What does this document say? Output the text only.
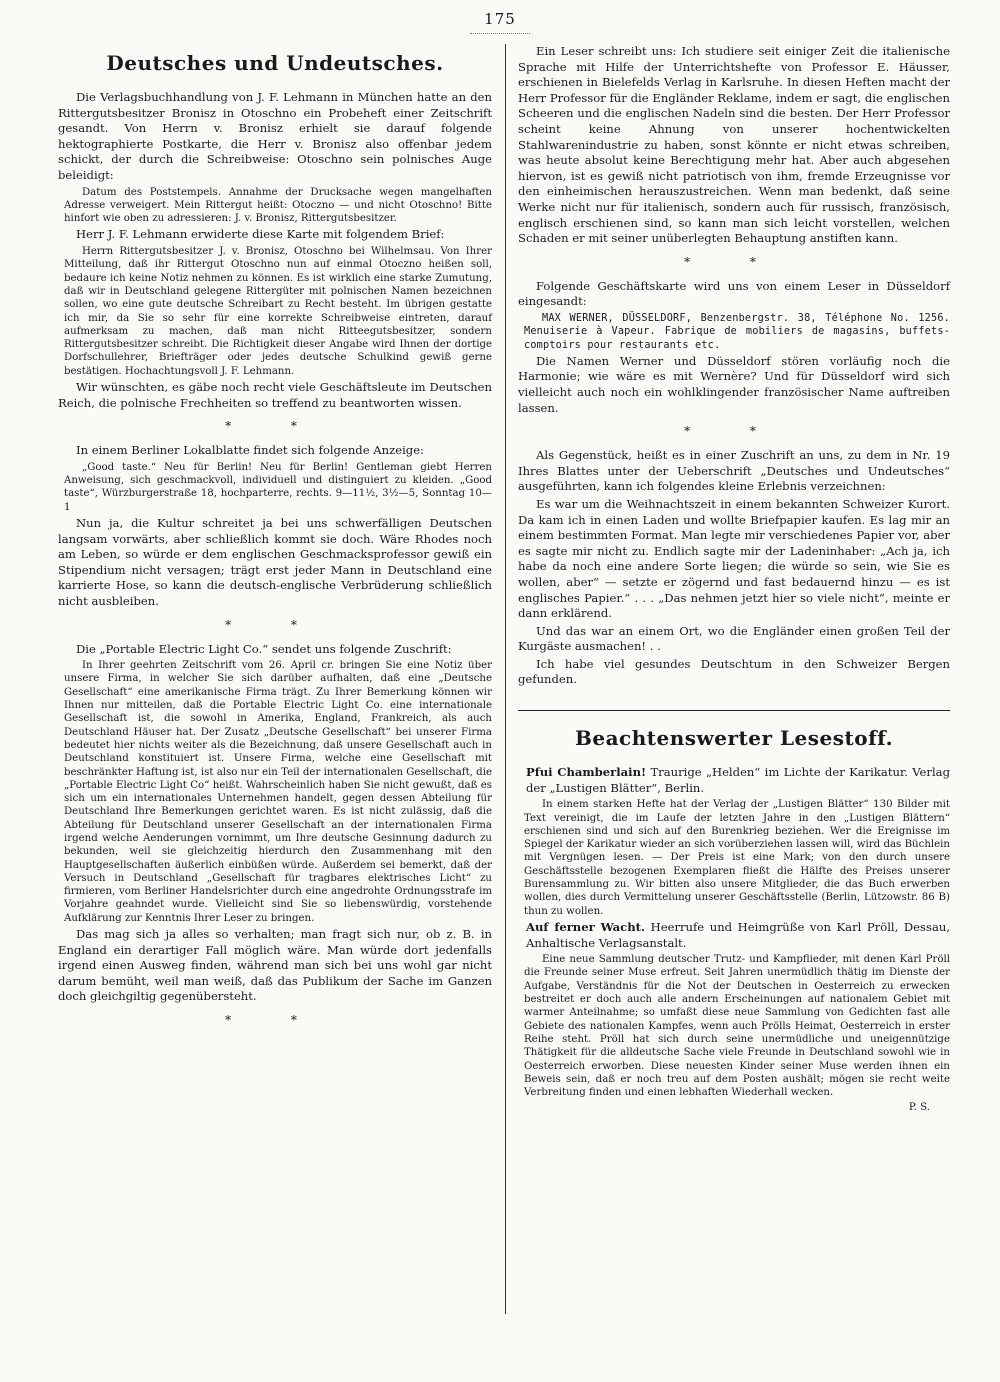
175
Deutsches und Undeutsches.

Die Verlagsbuchhandlung von J. F. Lehmann in München hatte an den Rittergutsbesitzer Bronisz in Otoschno ein Probeheft einer Zeitschrift gesandt. Von Herrn v. Bronisz erhielt sie darauf folgende hektographierte Postkarte, die Herr v. Bronisz also offenbar jedem schickt, der durch die Schreibweise: Otoschno sein polnisches Auge beleidigt:

Datum des Poststempels. Annahme der Drucksache wegen mangelhaften Adresse verweigert. Mein Rittergut heißt: Otoczno — und nicht Otoschno! Bitte hinfort wie oben zu adressieren: J. v. Bronisz, Rittergutsbesitzer.

Herr J. F. Lehmann erwiderte diese Karte mit folgendem Brief:

Herrn Rittergutsbesitzer J. v. Bronisz, Otoschno bei Wilhelmsau. Von Ihrer Mitteilung, daß ihr Rittergut Otoschno nun auf einmal Otoczno heißen soll, bedaure ich keine Notiz nehmen zu können. Es ist wirklich eine starke Zumutung, daß wir in Deutschland gelegene Rittergüter mit polnischen Namen bezeichnen sollen, wo eine gute deutsche Schreibart zu Recht besteht. Im übrigen gestatte ich mir, da Sie so sehr für eine korrekte Schreibweise eintreten, darauf aufmerksam zu machen, daß man nicht Ritteegutsbesitzer, sondern Rittergutsbesitzer schreibt. Die Richtigkeit dieser Angabe wird Ihnen der dortige Dorfschullehrer, Briefträger oder jedes deutsche Schulkind gewiß gerne bestätigen. Hochachtungsvoll J. F. Lehmann.

Wir wünschten, es gäbe noch recht viele Geschäftsleute im Deutschen Reich, die polnische Frechheiten so treffend zu beantworten wissen.

* *

In einem Berliner Lokalblatte findet sich folgende Anzeige:

„Good taste.“ Neu für Berlin! Neu für Berlin! Gentleman giebt Herren Anweisung, sich geschmackvoll, individuell und distinguiert zu kleiden. „Good taste“, Würzburgerstraße 18, hochparterre, rechts. 9—11½, 3½—5, Sonntag 10—1

Nun ja, die Kultur schreitet ja bei uns schwerfälligen Deutschen langsam vorwärts, aber schließlich kommt sie doch. Wäre Rhodes noch am Leben, so würde er dem englischen Geschmacksprofessor gewiß ein Stipendium nicht versagen; trägt erst jeder Mann in Deutschland eine karrierte Hose, so kann die deutsch-englische Verbrüderung schließlich nicht ausbleiben.

* *

Die „Portable Electric Light Co.“ sendet uns folgende Zuschrift:

In Ihrer geehrten Zeitschrift vom 26. April cr. bringen Sie eine Notiz über unsere Firma, in welcher Sie sich darüber aufhalten, daß eine „Deutsche Gesellschaft“ eine amerikanische Firma trägt. Zu Ihrer Bemerkung können wir Ihnen nur mitteilen, daß die Portable Electric Light Co. eine internationale Gesellschaft ist, die sowohl in Amerika, England, Frankreich, als auch Deutschland Häuser hat. Der Zusatz „Deutsche Gesellschaft“ bei unserer Firma bedeutet hier nichts weiter als die Bezeichnung, daß unsere Gesellschaft auch in Deutschland konstituiert ist. Unsere Firma, welche eine Gesellschaft mit beschränkter Haftung ist, ist also nur ein Teil der internationalen Gesellschaft, die „Portable Electric Light Co“ heißt. Wahrscheinlich haben Sie nicht gewußt, daß es sich um ein internationales Unternehmen handelt, gegen dessen Abteilung für Deutschland Ihre Bemerkungen gerichtet waren. Es ist nicht zulässig, daß die Abteilung für Deutschland unserer Gesellschaft an der internationalen Firma irgend welche Aenderungen vornimmt, um Ihre deutsche Gesinnung dadurch zu bekunden, weil sie gleichzeitig hierdurch den Zusammenhang mit den Hauptgesellschaften äußerlich einbüßen würde. Außerdem sei bemerkt, daß der Versuch in Deutschland „Gesellschaft für tragbares elektrisches Licht“ zu firmieren, vom Berliner Handelsrichter durch eine angedrohte Ordnungsstrafe im Vorjahre geahndet wurde. Vielleicht sind Sie so liebenswürdig, vorstehende Aufklärung zur Kenntnis Ihrer Leser zu bringen.

Das mag sich ja alles so verhalten; man fragt sich nur, ob z. B. in England ein derartiger Fall möglich wäre. Man würde dort jedenfalls irgend einen Ausweg finden, während man sich bei uns wohl gar nicht darum bemüht, weil man weiß, daß das Publikum der Sache im Ganzen doch gleichgiltig gegenübersteht.

* *

Ein Leser schreibt uns: Ich studiere seit einiger Zeit die italienische Sprache mit Hilfe der Unterrichtshefte von Professor E. Häusser, erschienen in Bielefelds Verlag in Karlsruhe. In diesen Heften macht der Herr Professor für die Engländer Reklame, indem er sagt, die englischen Scheeren und die englischen Nadeln sind die besten. Der Herr Professor scheint keine Ahnung von unserer hochentwickelten Stahlwarenindustrie zu haben, sonst könnte er nicht etwas schreiben, was heute absolut keine Berechtigung mehr hat. Aber auch abgesehen hiervon, ist es gewiß nicht patriotisch von ihm, fremde Erzeugnisse vor den einheimischen herauszustreichen. Wenn man bedenkt, daß seine Werke nicht nur für italienisch, sondern auch für russisch, französisch, englisch erschienen sind, so kann man sich leicht vorstellen, welchen Schaden er mit seiner unüberlegten Behauptung anstiften kann.

* *

Folgende Geschäftskarte wird uns von einem Leser in Düsseldorf eingesandt:

MAX WERNER, DÜSSELDORF, Benzenbergstr. 38, Téléphone No. 1256. Menuiserie à Vapeur. Fabrique de mobiliers de magasins, buffets-comptoirs pour restaurants etc.

Die Namen Werner und Düsseldorf stören vorläufig noch die Harmonie; wie wäre es mit Wernère? Und für Düsseldorf wird sich vielleicht auch noch ein wohlklingender französischer Name auftreiben lassen.

* *

Als Gegenstück, heißt es in einer Zuschrift an uns, zu dem in Nr. 19 Ihres Blattes unter der Ueberschrift „Deutsches und Undeutsches“ ausgeführten, kann ich folgendes kleine Erlebnis verzeichnen:

Es war um die Weihnachtszeit in einem bekannten Schweizer Kurort. Da kam ich in einen Laden und wollte Briefpapier kaufen. Es lag mir an einem bestimmten Format. Man legte mir verschiedenes Papier vor, aber es sagte mir nicht zu. Endlich sagte mir der Ladeninhaber: „Ach ja, ich habe da noch eine andere Sorte liegen; die würde so sein, wie Sie es wollen, aber“ — setzte er zögernd und fast bedauernd hinzu — es ist englisches Papier.“ . . . „Das nehmen jetzt hier so viele nicht“, meinte er dann erklärend.

Und das war an einem Ort, wo die Engländer einen großen Teil der Kurgäste ausmachen! . .

Ich habe viel gesundes Deutschtum in den Schweizer Bergen gefunden.

Beachtenswerter Lesestoff.

Pfui Chamberlain! Traurige „Helden“ im Lichte der Karikatur. Verlag der „Lustigen Blätter“, Berlin.

In einem starken Hefte hat der Verlag der „Lustigen Blätter“ 130 Bilder mit Text vereinigt, die im Laufe der letzten Jahre in den „Lustigen Blättern“ erschienen sind und sich auf den Burenkrieg beziehen. Wer die Ereignisse im Spiegel der Karikatur wieder an sich vorüberziehen lassen will, wird das Büchlein mit Vergnügen lesen. — Der Preis ist eine Mark; von den durch unsere Geschäftsstelle bezogenen Exemplaren fließt die Hälfte des Preises unserer Burensammlung zu. Wir bitten also unsere Mitglieder, die das Buch erwerben wollen, dies durch Vermittelung unserer Geschäftsstelle (Berlin, Lützowstr. 86 B) thun zu wollen.

Auf ferner Wacht. Heerrufe und Heimgrüße von Karl Pröll, Dessau, Anhaltische Verlagsanstalt.

Eine neue Sammlung deutscher Trutz- und Kampflieder, mit denen Karl Pröll die Freunde seiner Muse erfreut. Seit Jahren unermüdlich thätig im Dienste der Aufgabe, Verständnis für die Not der Deutschen in Oesterreich zu erwecken bestreitet er doch auch alle andern Erscheinungen auf nationalem Gebiet mit warmer Anteilnahme; so umfaßt diese neue Sammlung von Gedichten fast alle Gebiete des nationalen Kampfes, wenn auch Prölls Heimat, Oesterreich in erster Reihe steht. Pröll hat sich durch seine unermüdliche und uneigennützige Thätigkeit für die alldeutsche Sache viele Freunde in Deutschland sowohl wie in Oesterreich erworben. Diese neuesten Kinder seiner Muse werden ihnen ein Beweis sein, daß er noch treu auf dem Posten aushält; mögen sie recht weite Verbreitung finden und einen lebhaften Wiederhall wecken.

P. S.
